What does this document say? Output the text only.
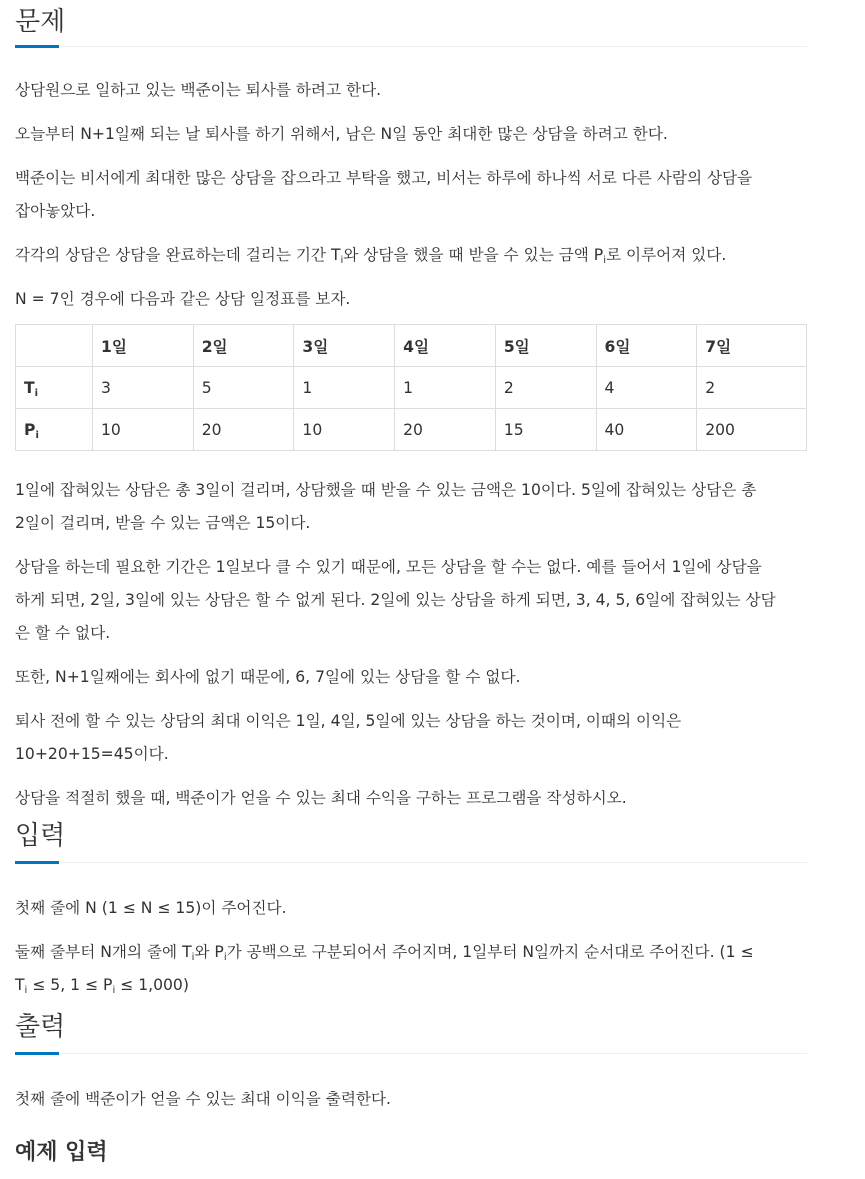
문제

상담원으로 일하고 있는 백준이는 퇴사를 하려고 한다.

오늘부터 N+1일째 되는 날 퇴사를 하기 위해서, 남은 N일 동안 최대한 많은 상담을 하려고 한다.

백준이는 비서에게 최대한 많은 상담을 잡으라고 부탁을 했고, 비서는 하루에 하나씩 서로 다른 사람의 상담을
잡아놓았다.

각각의 상담은 상담을 완료하는데 걸리는 기간 $T_i$와 상담을 했을 때 받을 수 있는 금액 $P_i$로 이루어져 있다.

N = 7인 경우에 다음과 같은 상담 일정표를 보자.

	1일	2일	3일	4일	5일	6일	7일
$T_i$	3	5	1	1	2	4	2
$P_i$	10	20	10	20	15	40	200

1일에 잡혀있는 상담은 총 3일이 걸리며, 상담했을 때 받을 수 있는 금액은 10이다. 5일에 잡혀있는 상담은 총
2일이 걸리며, 받을 수 있는 금액은 15이다.

상담을 하는데 필요한 기간은 1일보다 클 수 있기 때문에, 모든 상담을 할 수는 없다. 예를 들어서 1일에 상담을
하게 되면, 2일, 3일에 있는 상담은 할 수 없게 된다. 2일에 있는 상담을 하게 되면, 3, 4, 5, 6일에 잡혀있는 상담
은 할 수 없다.

또한, N+1일째에는 회사에 없기 때문에, 6, 7일에 있는 상담을 할 수 없다.

퇴사 전에 할 수 있는 상담의 최대 이익은 1일, 4일, 5일에 있는 상담을 하는 것이며, 이때의 이익은
10+20+15=45이다.

상담을 적절히 했을 때, 백준이가 얻을 수 있는 최대 수익을 구하는 프로그램을 작성하시오.

입력

첫째 줄에 N (1 ≤ N ≤ 15)이 주어진다.

둘째 줄부터 N개의 줄에 $T_i$와 $P_i$가 공백으로 구분되어서 주어지며, 1일부터 N일까지 순서대로 주어진다. (1 ≤
$T_i \le 5$, $1 \le P_i \le 1,000$)

출력

첫째 줄에 백준이가 얻을 수 있는 최대 이익을 출력한다.

예제 입력
